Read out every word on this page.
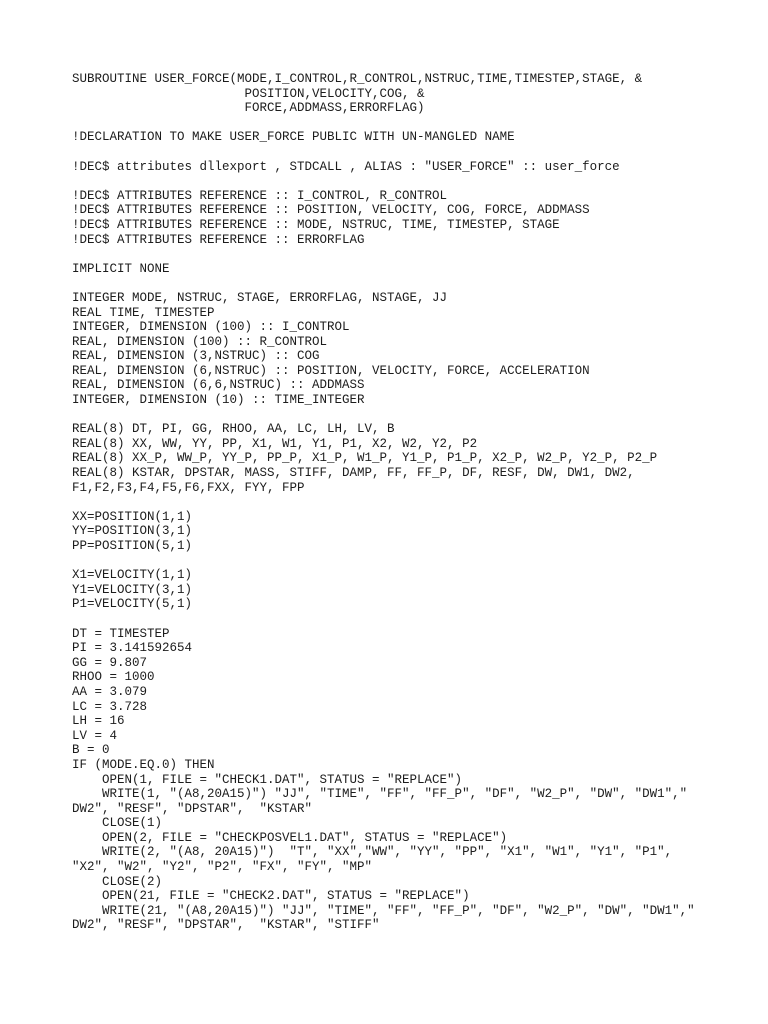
SUBROUTINE USER_FORCE(MODE,I_CONTROL,R_CONTROL,NSTRUC,TIME,TIMESTEP,STAGE, &
POSITION,VELOCITY,COG, &
FORCE,ADDMASS,ERRORFLAG)
!DECLARATION TO MAKE USER_FORCE PUBLIC WITH UN-MANGLED NAME
!DEC$ attributes dllexport , STDCALL , ALIAS : "USER_FORCE" :: user_force
!DEC$ ATTRIBUTES REFERENCE :: I_CONTROL, R_CONTROL
!DEC$ ATTRIBUTES REFERENCE :: POSITION, VELOCITY, COG, FORCE, ADDMASS
!DEC$ ATTRIBUTES REFERENCE :: MODE, NSTRUC, TIME, TIMESTEP, STAGE
!DEC$ ATTRIBUTES REFERENCE :: ERRORFLAG
IMPLICIT NONE
INTEGER MODE, NSTRUC, STAGE, ERRORFLAG, NSTAGE, JJ
REAL TIME, TIMESTEP
INTEGER, DIMENSION (100) :: I_CONTROL
REAL, DIMENSION (100) :: R_CONTROL
REAL, DIMENSION (3,NSTRUC) :: COG
REAL, DIMENSION (6,NSTRUC) :: POSITION, VELOCITY, FORCE, ACCELERATION
REAL, DIMENSION (6,6,NSTRUC) :: ADDMASS
INTEGER, DIMENSION (10) :: TIME_INTEGER
REAL(8) DT, PI, GG, RHOO, AA, LC, LH, LV, B
REAL(8) XX, WW, YY, PP, X1, W1, Y1, P1, X2, W2, Y2, P2
REAL(8) XX_P, WW_P, YY_P, PP_P, X1_P, W1_P, Y1_P, P1_P, X2_P, W2_P, Y2_P, P2_P
REAL(8) KSTAR, DPSTAR, MASS, STIFF, DAMP, FF, FF_P, DF, RESF, DW, DW1, DW2,
F1,F2,F3,F4,F5,F6,FXX, FYY, FPP
XX=POSITION(1,1)
YY=POSITION(3,1)
PP=POSITION(5,1)
X1=VELOCITY(1,1)
Y1=VELOCITY(3,1)
P1=VELOCITY(5,1)
DT = TIMESTEP
PI = 3.141592654
GG = 9.807
RHOO = 1000
AA = 3.079
LC = 3.728
LH = 16
LV = 4
B = 0
IF (MODE.EQ.0) THEN
OPEN(1, FILE = "CHECK1.DAT", STATUS = "REPLACE")
WRITE(1, "(A8,20A15)") "JJ", "TIME", "FF", "FF_P", "DF", "W2_P", "DW", "DW1","
DW2", "RESF", "DPSTAR",  "KSTAR"
CLOSE(1)
OPEN(2, FILE = "CHECKPOSVEL1.DAT", STATUS = "REPLACE")
WRITE(2, "(A8, 20A15)")  "T", "XX","WW", "YY", "PP", "X1", "W1", "Y1", "P1",
"X2", "W2", "Y2", "P2", "FX", "FY", "MP"
CLOSE(2)
OPEN(21, FILE = "CHECK2.DAT", STATUS = "REPLACE")
WRITE(21, "(A8,20A15)") "JJ", "TIME", "FF", "FF_P", "DF", "W2_P", "DW", "DW1","
DW2", "RESF", "DPSTAR",  "KSTAR", "STIFF"
